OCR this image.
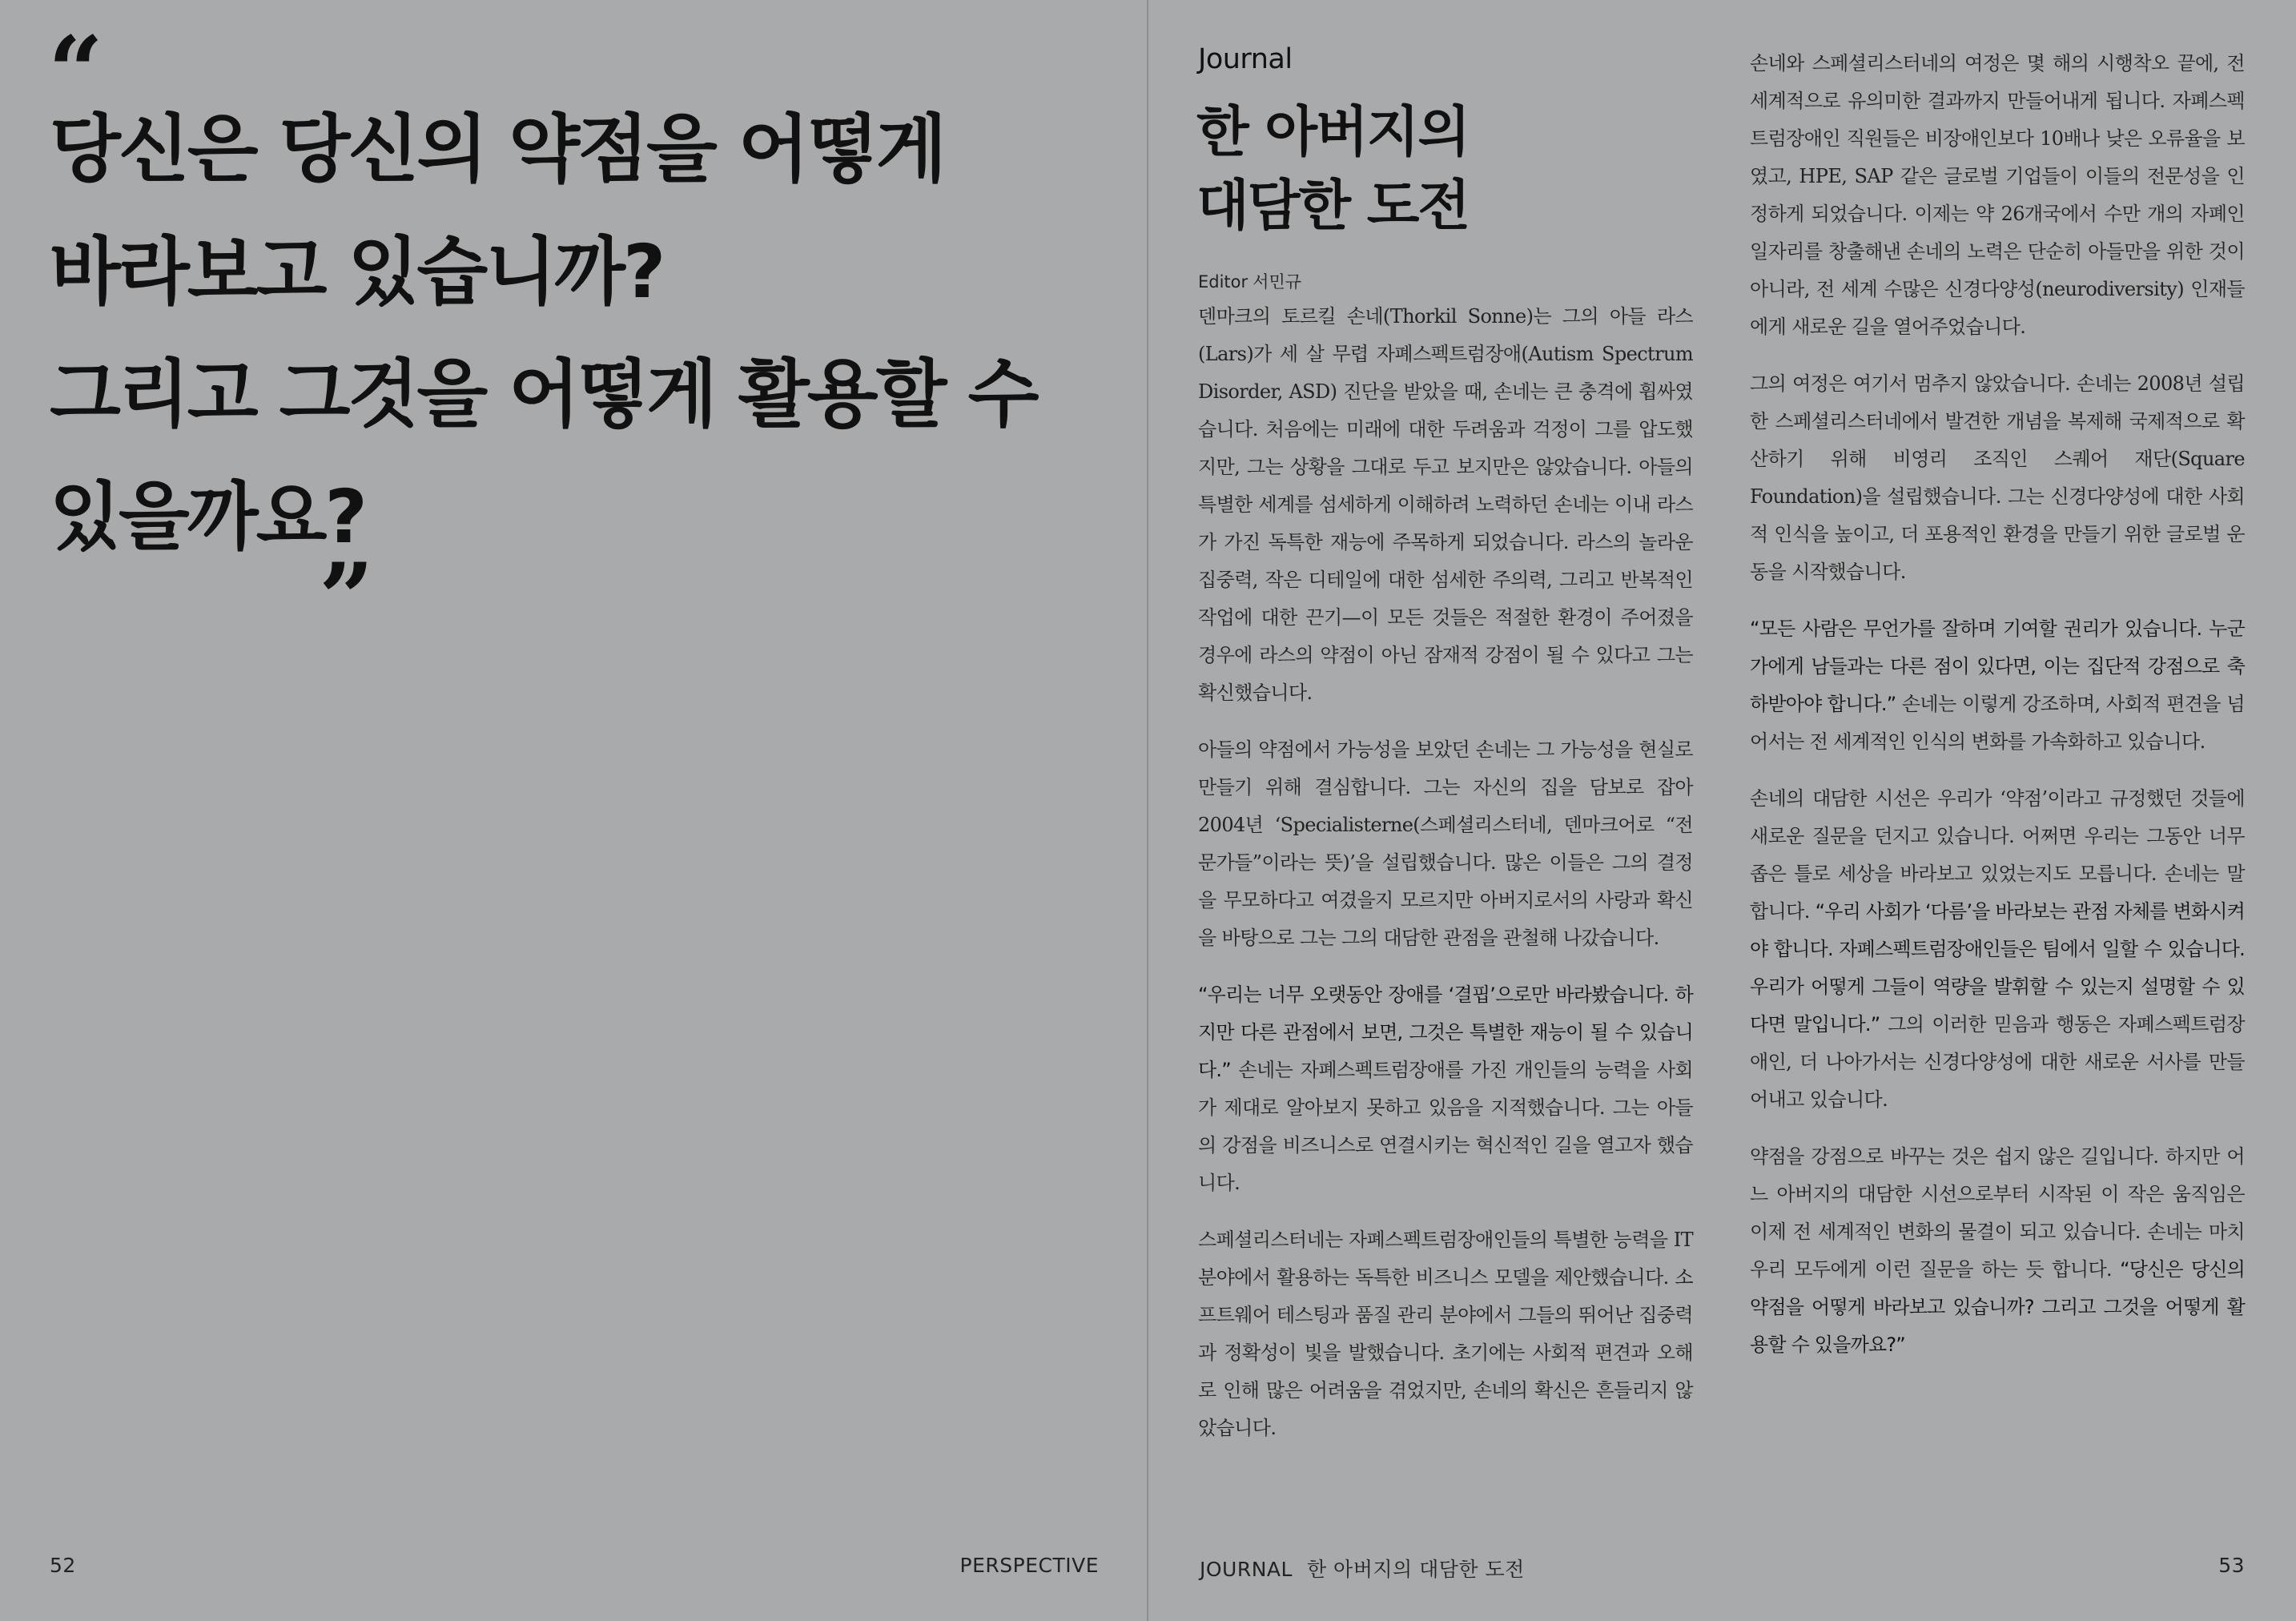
“
당신은 당신의 약점을 어떻게
바라보고 있습니까?
그리고 그것을 어떻게 활용할 수
있을까요?
”
52	PERSPECTIVE
Journal
한 아버지의
대담한 도전
Editor 서민규

덴마크의 토르킬 손네(Thorkil Sonne)는 그의 아들 라스(Lars)가 세 살 무렵 자폐스펙트럼장애(Autism Spectrum Disorder, ASD) 진단을 받았을 때, 손네는 큰 충격에 휩싸였습니다. 처음에는 미래에 대한 두려움과 걱정이 그를 압도했지만, 그는 상황을 그대로 두고 보지만은 않았습니다. 아들의 특별한 세계를 섬세하게 이해하려 노력하던 손네는 이내 라스가 가진 독특한 재능에 주목하게 되었습니다. 라스의 놀라운 집중력, 작은 디테일에 대한 섬세한 주의력, 그리고 반복적인 작업에 대한 끈기—이 모든 것들은 적절한 환경이 주어졌을 경우에 라스의 약점이 아닌 잠재적 강점이 될 수 있다고 그는 확신했습니다.

아들의 약점에서 가능성을 보았던 손네는 그 가능성을 현실로 만들기 위해 결심합니다. 그는 자신의 집을 담보로 잡아 2004년 ‘Specialisterne(스페셜리스터네, 덴마크어로 “전문가들”이라는 뜻)’을 설립했습니다. 많은 이들은 그의 결정을 무모하다고 여겼을지 모르지만 아버지로서의 사랑과 확신을 바탕으로 그는 그의 대담한 관점을 관철해 나갔습니다.

“우리는 너무 오랫동안 장애를 ‘결핍’으로만 바라봤습니다. 하지만 다른 관점에서 보면, 그것은 특별한 재능이 될 수 있습니다.” 손네는 자폐스펙트럼장애를 가진 개인들의 능력을 사회가 제대로 알아보지 못하고 있음을 지적했습니다. 그는 아들의 강점을 비즈니스로 연결시키는 혁신적인 길을 열고자 했습니다.

스페셜리스터네는 자폐스펙트럼장애인들의 특별한 능력을 IT 분야에서 활용하는 독특한 비즈니스 모델을 제안했습니다. 소프트웨어 테스팅과 품질 관리 분야에서 그들의 뛰어난 집중력과 정확성이 빛을 발했습니다. 초기에는 사회적 편견과 오해로 인해 많은 어려움을 겪었지만, 손네의 확신은 흔들리지 않았습니다.

손네와 스페셜리스터네의 여정은 몇 해의 시행착오 끝에, 전 세계적으로 유의미한 결과까지 만들어내게 됩니다. 자폐스펙트럼장애인 직원들은 비장애인보다 10배나 낮은 오류율을 보였고, HPE, SAP 같은 글로벌 기업들이 이들의 전문성을 인정하게 되었습니다. 이제는 약 26개국에서 수만 개의 자폐인 일자리를 창출해낸 손네의 노력은 단순히 아들만을 위한 것이 아니라, 전 세계 수많은 신경다양성(neurodiversity) 인재들에게 새로운 길을 열어주었습니다.

그의 여정은 여기서 멈추지 않았습니다. 손네는 2008년 설립한 스페셜리스터네에서 발견한 개념을 복제해 국제적으로 확산하기 위해 비영리 조직인 스퀘어 재단(Square Foundation)을 설립했습니다. 그는 신경다양성에 대한 사회적 인식을 높이고, 더 포용적인 환경을 만들기 위한 글로벌 운동을 시작했습니다.

“모든 사람은 무언가를 잘하며 기여할 권리가 있습니다. 누군가에게 남들과는 다른 점이 있다면, 이는 집단적 강점으로 축하받아야 합니다.” 손네는 이렇게 강조하며, 사회적 편견을 넘어서는 전 세계적인 인식의 변화를 가속화하고 있습니다.

손네의 대담한 시선은 우리가 ‘약점’이라고 규정했던 것들에 새로운 질문을 던지고 있습니다. 어쩌면 우리는 그동안 너무 좁은 틀로 세상을 바라보고 있었는지도 모릅니다. 손네는 말합니다. “우리 사회가 ‘다름’을 바라보는 관점 자체를 변화시켜야 합니다. 자폐스펙트럼장애인들은 팀에서 일할 수 있습니다. 우리가 어떻게 그들이 역량을 발휘할 수 있는지 설명할 수 있다면 말입니다.” 그의 이러한 믿음과 행동은 자폐스펙트럼장애인, 더 나아가서는 신경다양성에 대한 새로운 서사를 만들어내고 있습니다.

약점을 강점으로 바꾸는 것은 쉽지 않은 길입니다. 하지만 어느 아버지의 대담한 시선으로부터 시작된 이 작은 움직임은 이제 전 세계적인 변화의 물결이 되고 있습니다. 손네는 마치 우리 모두에게 이런 질문을 하는 듯 합니다. “당신은 당신의 약점을 어떻게 바라보고 있습니까? 그리고 그것을 어떻게 활용할 수 있을까요?”

JOURNAL 한 아버지의 대담한 도전	53
